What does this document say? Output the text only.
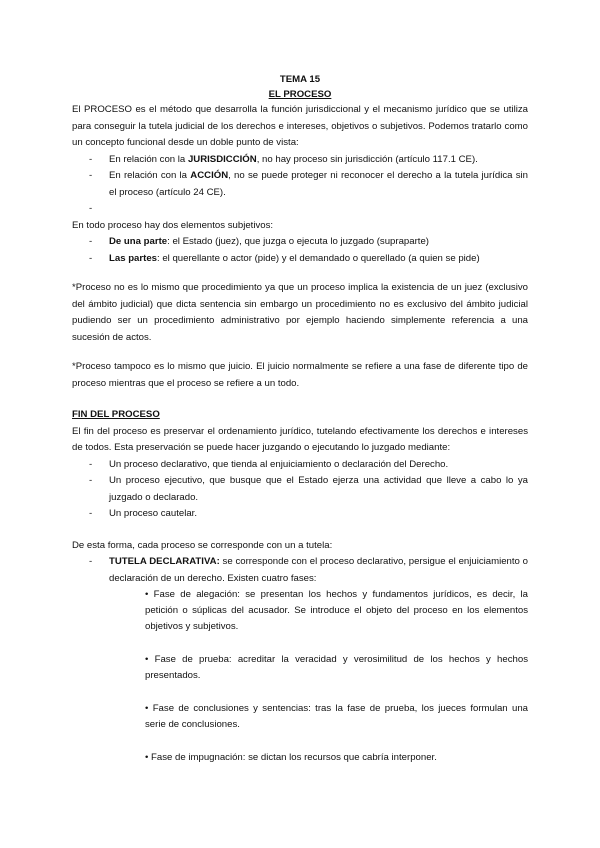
TEMA 15
EL PROCESO

El PROCESO es el método que desarrolla la función jurisdiccional y el mecanismo jurídico que se utiliza para conseguir la tutela judicial de los derechos e intereses, objetivos o subjetivos. Podemos tratarlo como un concepto funcional desde un doble punto de vista:

- En relación con la JURISDICCIÓN, no hay proceso sin jurisdicción (artículo 117.1 CE).
- En relación con la ACCIÓN, no se puede proteger ni reconocer el derecho a la tutela jurídica sin el proceso (artículo 24 CE).
-

En todo proceso hay dos elementos subjetivos:

- De una parte: el Estado (juez), que juzga o ejecuta lo juzgado (supraparte)
- Las partes: el querellante o actor (pide) y el demandado o querellado (a quien se pide)

*Proceso no es lo mismo que procedimiento ya que un proceso implica la existencia de un juez (exclusivo del ámbito judicial) que dicta sentencia sin embargo un procedimiento no es exclusivo del ámbito judicial pudiendo ser un procedimiento administrativo por ejemplo haciendo simplemente referencia a una sucesión de actos.

*Proceso tampoco es lo mismo que juicio. El juicio normalmente se refiere a una fase de diferente tipo de proceso mientras que el proceso se refiere a un todo.

FIN DEL PROCESO

El fin del proceso es preservar el ordenamiento jurídico, tutelando efectivamente los derechos e intereses de todos. Esta preservación se puede hacer juzgando o ejecutando lo juzgado mediante:

- Un proceso declarativo, que tienda al enjuiciamiento o declaración del Derecho.
- Un proceso ejecutivo, que busque que el Estado ejerza una actividad que lleve a cabo lo ya juzgado o declarado.
- Un proceso cautelar.

De esta forma, cada proceso se corresponde con un a tutela:

- TUTELA DECLARATIVA: se corresponde con el proceso declarativo, persigue el enjuiciamiento o declaración de un derecho. Existen cuatro fases:
• Fase de alegación: se presentan los hechos y fundamentos jurídicos, es decir, la petición o súplicas del acusador. Se introduce el objeto del proceso en los elementos objetivos y subjetivos.
• Fase de prueba: acreditar la veracidad y verosimilitud de los hechos y hechos presentados.
• Fase de conclusiones y sentencias: tras la fase de prueba, los jueces formulan una serie de conclusiones.
• Fase de impugnación: se dictan los recursos que cabría interponer.
